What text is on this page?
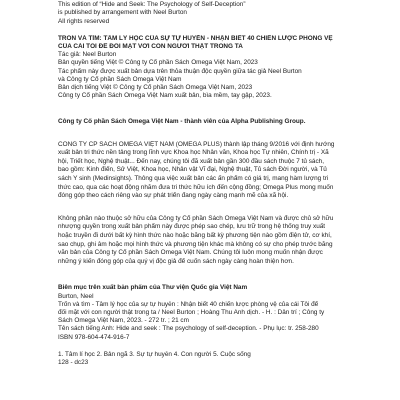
This edition of “Hide and Seek: The Psychology of Self-Deception”
is published by arrangement with Neel Burton
All rights reserved
TRỐN VÀ TÌM: TÂM LÝ HỌC CỦA SỰ TỰ HUYỄN - NHẬN BIẾT 40 CHIẾN LƯỢC PHÒNG VỆ
CỦA CÁI TÔI ĐỂ ĐỐI MẶT VỚI CON NGƯỜI THẬT TRONG TA
Tác giả: Neel Burton
Bản quyền tiếng Việt © Công ty Cổ phần Sách Omega Việt Nam, 2023
Tác phẩm này được xuất bản dựa trên thỏa thuận độc quyền giữa tác giả Neel Burton
và Công ty Cổ phần Sách Omega Việt Nam
Bản dịch tiếng Việt © Công ty Cổ phần Sách Omega Việt Nam, 2023
Công ty Cổ phần Sách Omega Việt Nam xuất bản, bìa mềm, tay gập, 2023.
Công ty Cổ phần Sách Omega Việt Nam - thành viên của Alpha Publishing Group.
CÔNG TY CP SÁCH OMEGA VIỆT NAM (OMEGA PLUS) thành lập tháng 9/2016 với định hướng
xuất bản tri thức nền tảng trong lĩnh vực Khoa học Nhân văn, Khoa học Tự nhiên, Chính trị - Xã
hội, Triết học, Nghệ thuật... Đến nay, chúng tôi đã xuất bản gần 300 đầu sách thuộc 7 tủ sách,
bao gồm: Kinh điển, Sử Việt, Khoa học, Nhân vật Vĩ đại, Nghệ thuật, Tủ sách Đời người, và Tủ
sách Y sinh (Medinsights). Thông qua việc xuất bản các ấn phẩm có giá trị, mang hàm lượng tri
thức cao, qua các hoạt động nhằm đưa tri thức hữu ích đến cộng đồng; Omega Plus mong muốn
đóng góp theo cách riêng vào sự phát triển đang ngày càng mạnh mẽ của xã hội.
Không phần nào thuộc sở hữu của Công ty Cổ phần Sách Omega Việt Nam và được chủ sở hữu
nhượng quyền trong xuất bản phẩm này được phép sao chép, lưu trữ trong hệ thống truy xuất
hoặc truyền đi dưới bất kỳ hình thức nào hoặc bằng bất kỳ phương tiện nào gồm điện tử, cơ khí,
sao chụp, ghi âm hoặc mọi hình thức và phương tiện khác mà không có sự cho phép trước bằng
văn bản của Công ty Cổ phần Sách Omega Việt Nam. Chúng tôi luôn mong muốn nhận được
những ý kiến đóng góp của quý vị độc giả để cuốn sách ngày càng hoàn thiện hơn.
Biên mục trên xuất bản phẩm của Thư viện Quốc gia Việt Nam
Burton, Neel
Trốn và tìm - Tâm lý học của sự tự huyễn : Nhận biết 40 chiến lược phòng vệ của cái Tôi để
đối mặt với con người thật trong ta / Neel Burton ; Hoàng Thu Anh dịch. - H. : Dân trí ; Công ty
Sách Omega Việt Nam, 2023. - 272 tr. ; 21 cm
Tên sách tiếng Anh: Hide and seek : The psychology of self-deception. - Phụ lục: tr. 258-280
ISBN 978-604-474-916-7
1. Tâm lí học 2. Bản ngã 3. Sự tự huyễn 4. Con người 5. Cuộc sống
128 - dc23
